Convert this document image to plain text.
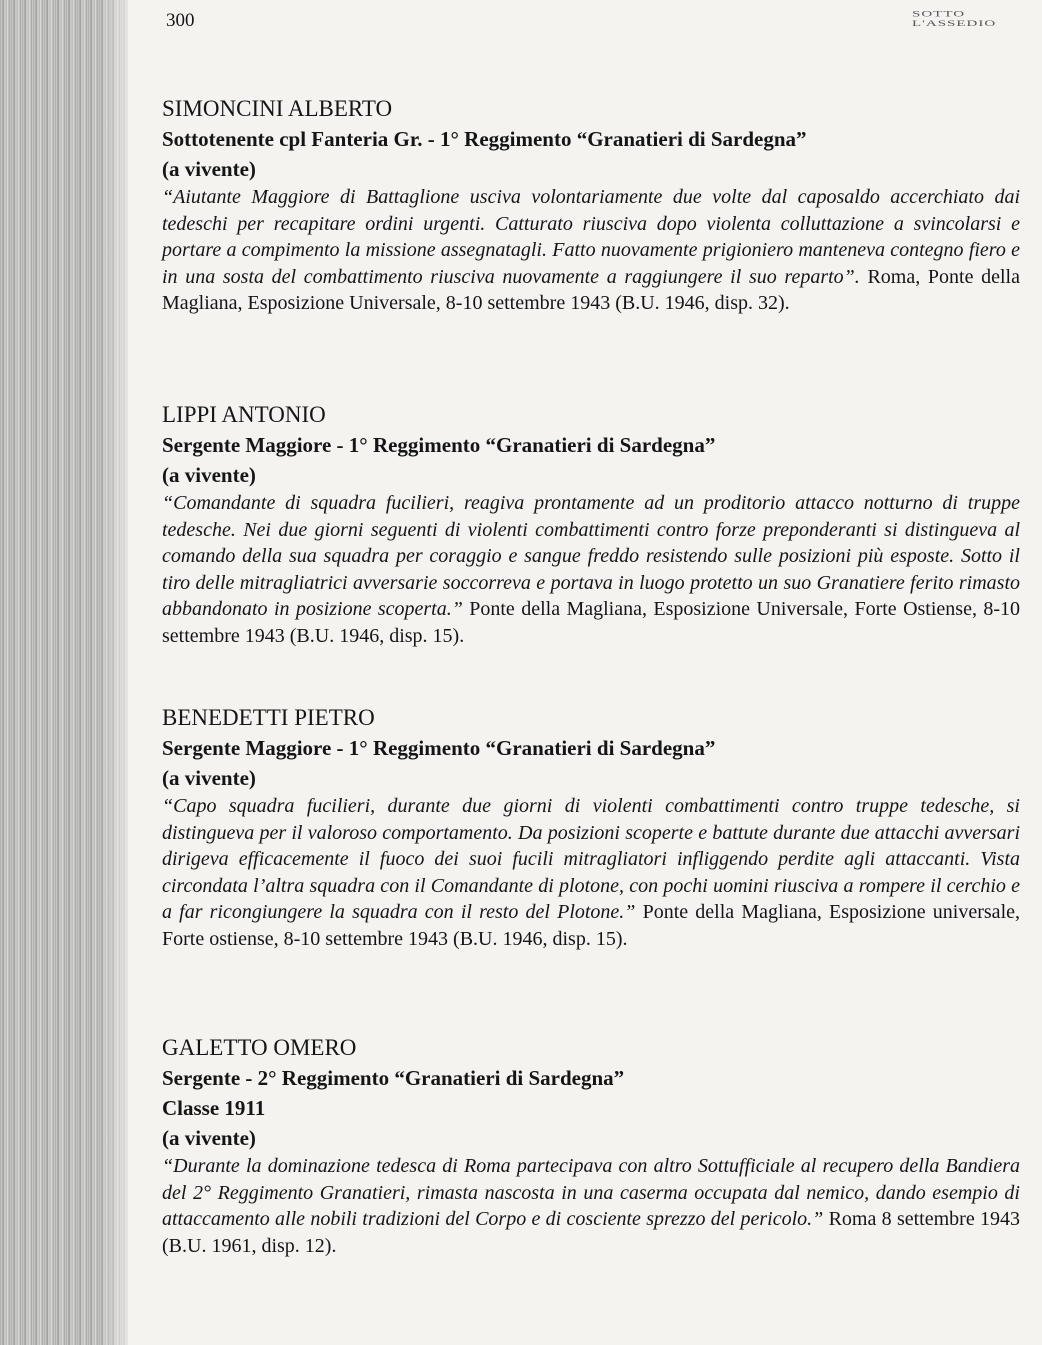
300	SOTTO L'ASSEDIO
SIMONCINI ALBERTO
Sottotenente cpl Fanteria Gr. - 1° Reggimento “Granatieri di Sardegna”
(a vivente)

“Aiutante Maggiore di Battaglione usciva volontariamente due volte dal caposaldo accerchiato dai tedeschi per recapitare ordini urgenti. Catturato riusciva dopo violenta colluttazione a svincolarsi e portare a compimento la missione assegnatagli. Fatto nuovamente prigioniero manteneva contegno fiero e in una sosta del combattimento riusciva nuovamente a raggiungere il suo reparto”. Roma, Ponte della Magliana, Esposizione Universale, 8-10 settembre 1943 (B.U. 1946, disp. 32).

LIPPI ANTONIO
Sergente Maggiore - 1° Reggimento “Granatieri di Sardegna”
(a vivente)

“Comandante di squadra fucilieri, reagiva prontamente ad un proditorio attacco notturno di truppe tedesche. Nei due giorni seguenti di violenti combattimenti contro forze preponderanti si distingueva al comando della sua squadra per coraggio e sangue freddo resistendo sulle posizioni più esposte. Sotto il tiro delle mitragliatrici avversarie soccorreva e portava in luogo protetto un suo Granatiere ferito rimasto abbandonato in posizione scoperta.” Ponte della Magliana, Esposizione Universale, Forte Ostiense, 8-10 settembre 1943 (B.U. 1946, disp. 15).

BENEDETTI PIETRO
Sergente Maggiore - 1° Reggimento “Granatieri di Sardegna”
(a vivente)

“Capo squadra fucilieri, durante due giorni di violenti combattimenti contro truppe tedesche, si distingueva per il valoroso comportamento. Da posizioni scoperte e battute durante due attacchi avversari dirigeva efficacemente il fuoco dei suoi fucili mitragliatori infliggendo perdite agli attaccanti. Vista circondata l’altra squadra con il Comandante di plotone, con pochi uomini riusciva a rompere il cerchio e a far ricongiungere la squadra con il resto del Plotone.” Ponte della Magliana, Esposizione universale, Forte ostiense, 8-10 settembre 1943 (B.U. 1946, disp. 15).

GALETTO OMERO
Sergente - 2° Reggimento “Granatieri di Sardegna”
Classe 1911
(a vivente)

“Durante la dominazione tedesca di Roma partecipava con altro Sottufficiale al recupero della Bandiera del 2° Reggimento Granatieri, rimasta nascosta in una caserma occupata dal nemico, dando esempio di attaccamento alle nobili tradizioni del Corpo e di cosciente sprezzo del pericolo.” Roma 8 settembre 1943 (B.U. 1961, disp. 12).
